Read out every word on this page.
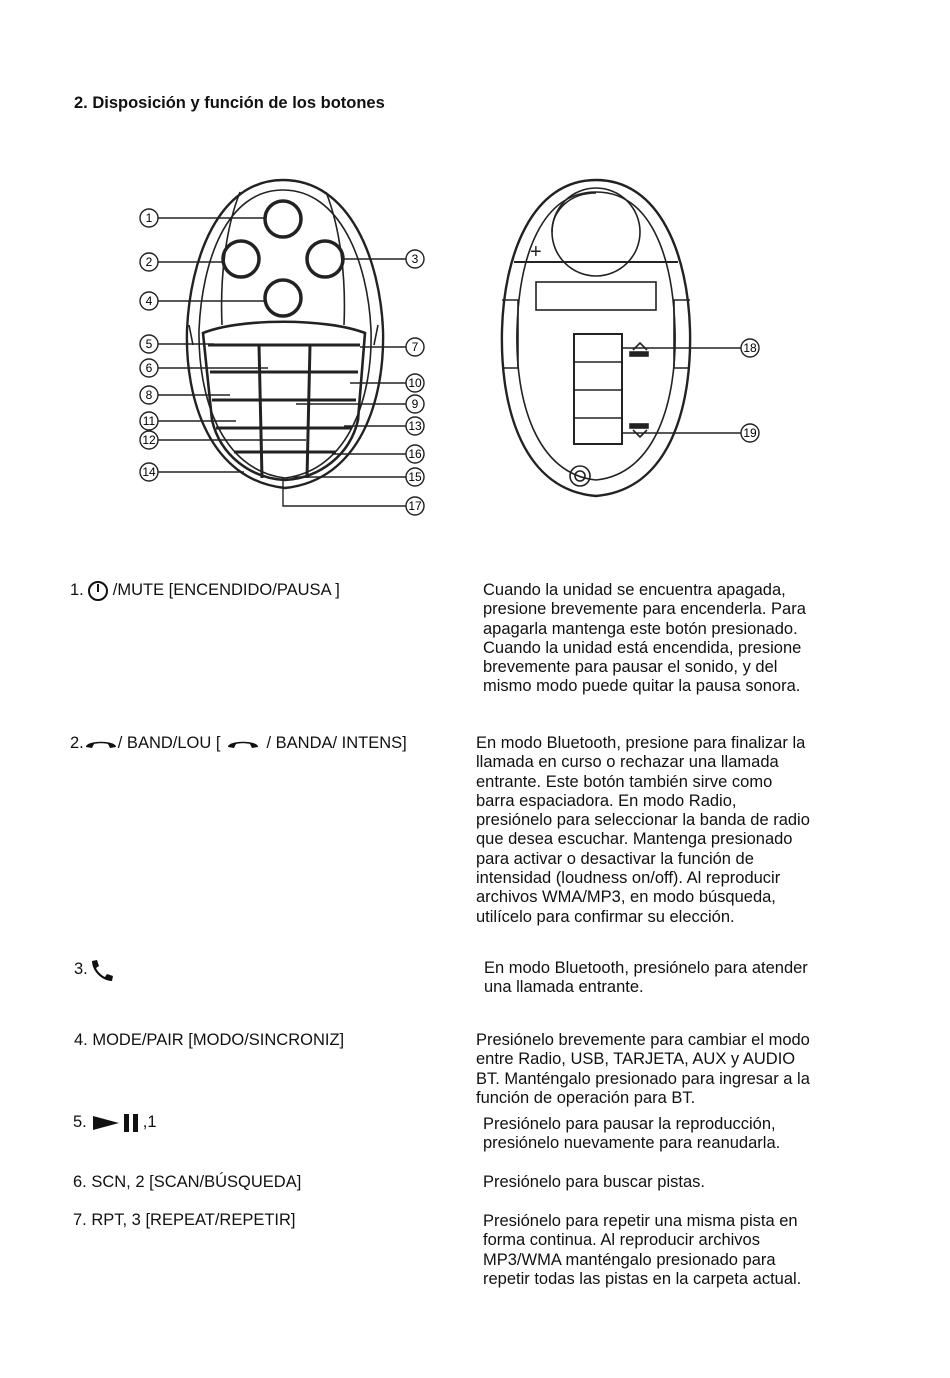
2. Disposición y función de los botones
+
1
2	3
4
5
6
7
8
9
10
11
12
13
14	15
16
17
18
19
1. /MUTE [ENCENDIDO/PAUSA ]	Cuando la unidad se encuentra apagada,
presione brevemente para encenderla. Para
apagarla mantenga este botón presionado.
Cuando la unidad está encendida, presione
brevemente para pausar el sonido, y del
mismo modo puede quitar la pausa sonora.
2. / BAND/LOU [	/ BANDA/ INTENS]	En modo Bluetooth, presione para finalizar la
llamada en curso o rechazar una llamada
entrante. Este botón también sirve como
barra espaciadora. En modo Radio,
presiónelo para seleccionar la banda de radio
que desea escuchar. Mantenga presionado
para activar o desactivar la función de
intensidad (loudness on/off). Al reproducir
archivos WMA/MP3, en modo búsqueda,
utilícelo para confirmar su elección.
3.	En modo Bluetooth, presiónelo para atender
una llamada entrante.
4. MODE/PAIR [MODO/SINCRONIZ]	Presiónelo brevemente para cambiar el modo
entre Radio, USB, TARJETA, AUX y AUDIO
BT. Manténgalo presionado para ingresar a la
función de operación para BT.
5.	,1	Presiónelo para pausar la reproducción,
presiónelo nuevamente para reanudarla.
6. SCN, 2 [SCAN/BÚSQUEDA]	Presiónelo para buscar pistas.
7. RPT, 3 [REPEAT/REPETIR]	Presiónelo para repetir una misma pista en
forma continua. Al reproducir archivos
MP3/WMA manténgalo presionado para
repetir todas las pistas en la carpeta actual.
